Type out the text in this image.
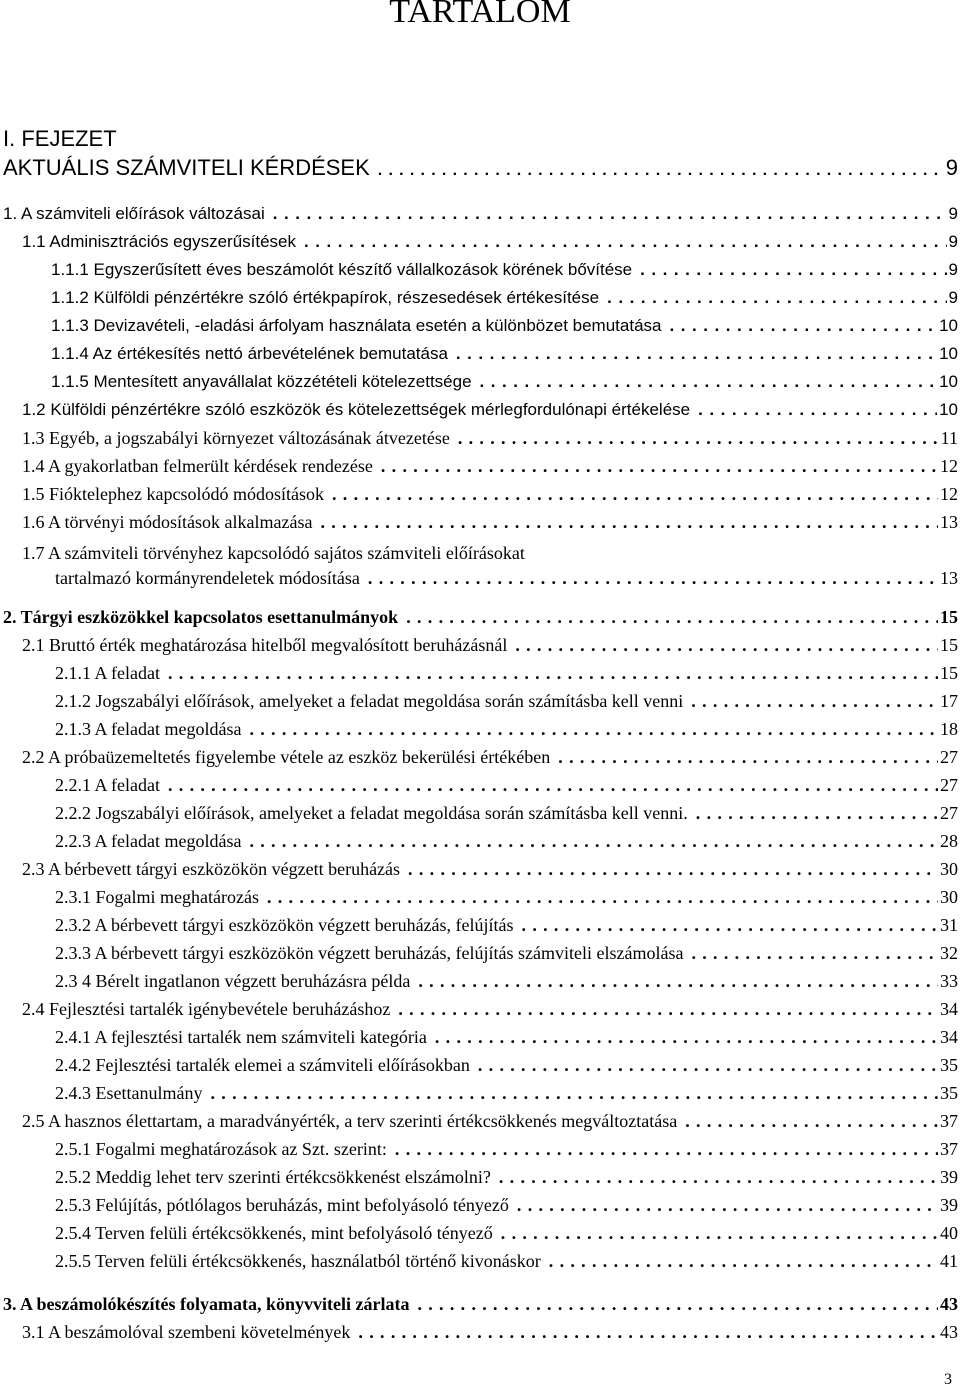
TARTALOM
I. FEJEZET
AKTUÁLIS SZÁMVITELI KÉRDÉSEK . . .	9
1. A számviteli előírások változásai . . .	9
1.1 Adminisztrációs egyszerűsítések . . .	9
1.1.1 Egyszerűsített éves beszámolót készítő vállalkozások körének bővítése . . .	9
1.1.2 Külföldi pénzértékre szóló értékpapírok, részesedések értékesítése . . .	9
1.1.3 Devizavételi, -eladási árfolyam használata esetén a különbözet bemutatása . . .	10
1.1.4 Az értékesítés nettó árbevételének bemutatása . . .	10
1.1.5 Mentesített anyavállalat közzétételi kötelezettsége . . .	10
1.2 Külföldi pénzértékre szóló eszközök és kötelezettségek mérlegfordulónapi értékelése . . .	10
1.3 Egyéb, a jogszabályi környezet változásának átvezetése . . .	11
1.4 A gyakorlatban felmerült kérdések rendezése . . .	12
1.5 Fióktelephez kapcsolódó módosítások . . .	12
1.6 A törvényi módosítások alkalmazása . . .	13
1.7 A számviteli törvényhez kapcsolódó sajátos számviteli előírásokat
tartalmazó kormányrendeletek módosítása . . .	13
2. Tárgyi eszközökkel kapcsolatos esettanulmányok . . .	15
2.1 Bruttó érték meghatározása hitelből megvalósított beruházásnál . . .	15
2.1.1 A feladat . . .	15
2.1.2 Jogszabályi előírások, amelyeket a feladat megoldása során számításba kell venni . . .	17
2.1.3 A feladat megoldása . . .	18
2.2 A próbaüzemeltetés figyelembe vétele az eszköz bekerülési értékében . . .	27
2.2.1 A feladat . . .	27
2.2.2 Jogszabályi előírások, amelyeket a feladat megoldása során számításba kell venni. . . .	27
2.2.3 A feladat megoldása . . .	28
2.3 A bérbevett tárgyi eszközökön végzett beruházás . . .	30
2.3.1 Fogalmi meghatározás . . .	30
2.3.2 A bérbevett tárgyi eszközökön végzett beruházás, felújítás . . .	31
2.3.3 A bérbevett tárgyi eszközökön végzett beruházás, felújítás számviteli elszámolása . . .	32
2.3 4 Bérelt ingatlanon végzett beruházásra példa . . .	33
2.4 Fejlesztési tartalék igénybevétele beruházáshoz . . .	34
2.4.1 A fejlesztési tartalék nem számviteli kategória . . .	34
2.4.2 Fejlesztési tartalék elemei a számviteli előírásokban . . .	35
2.4.3 Esettanulmány . . .	35
2.5 A hasznos élettartam, a maradványérték, a terv szerinti értékcsökkenés megváltoztatása . . .	37
2.5.1 Fogalmi meghatározások az Szt. szerint: . . .	37
2.5.2 Meddig lehet terv szerinti értékcsökkenést elszámolni? . . .	39
2.5.3 Felújítás, pótlólagos beruházás, mint befolyásoló tényező . . .	39
2.5.4 Terven felüli értékcsökkenés, mint befolyásoló tényező . . .	40
2.5.5 Terven felüli értékcsökkenés, használatból történő kivonáskor . . .	41
3. A beszámolókészítés folyamata, könyvviteli zárlata . . .	43
3.1 A beszámolóval szembeni követelmények . . .	43
3
